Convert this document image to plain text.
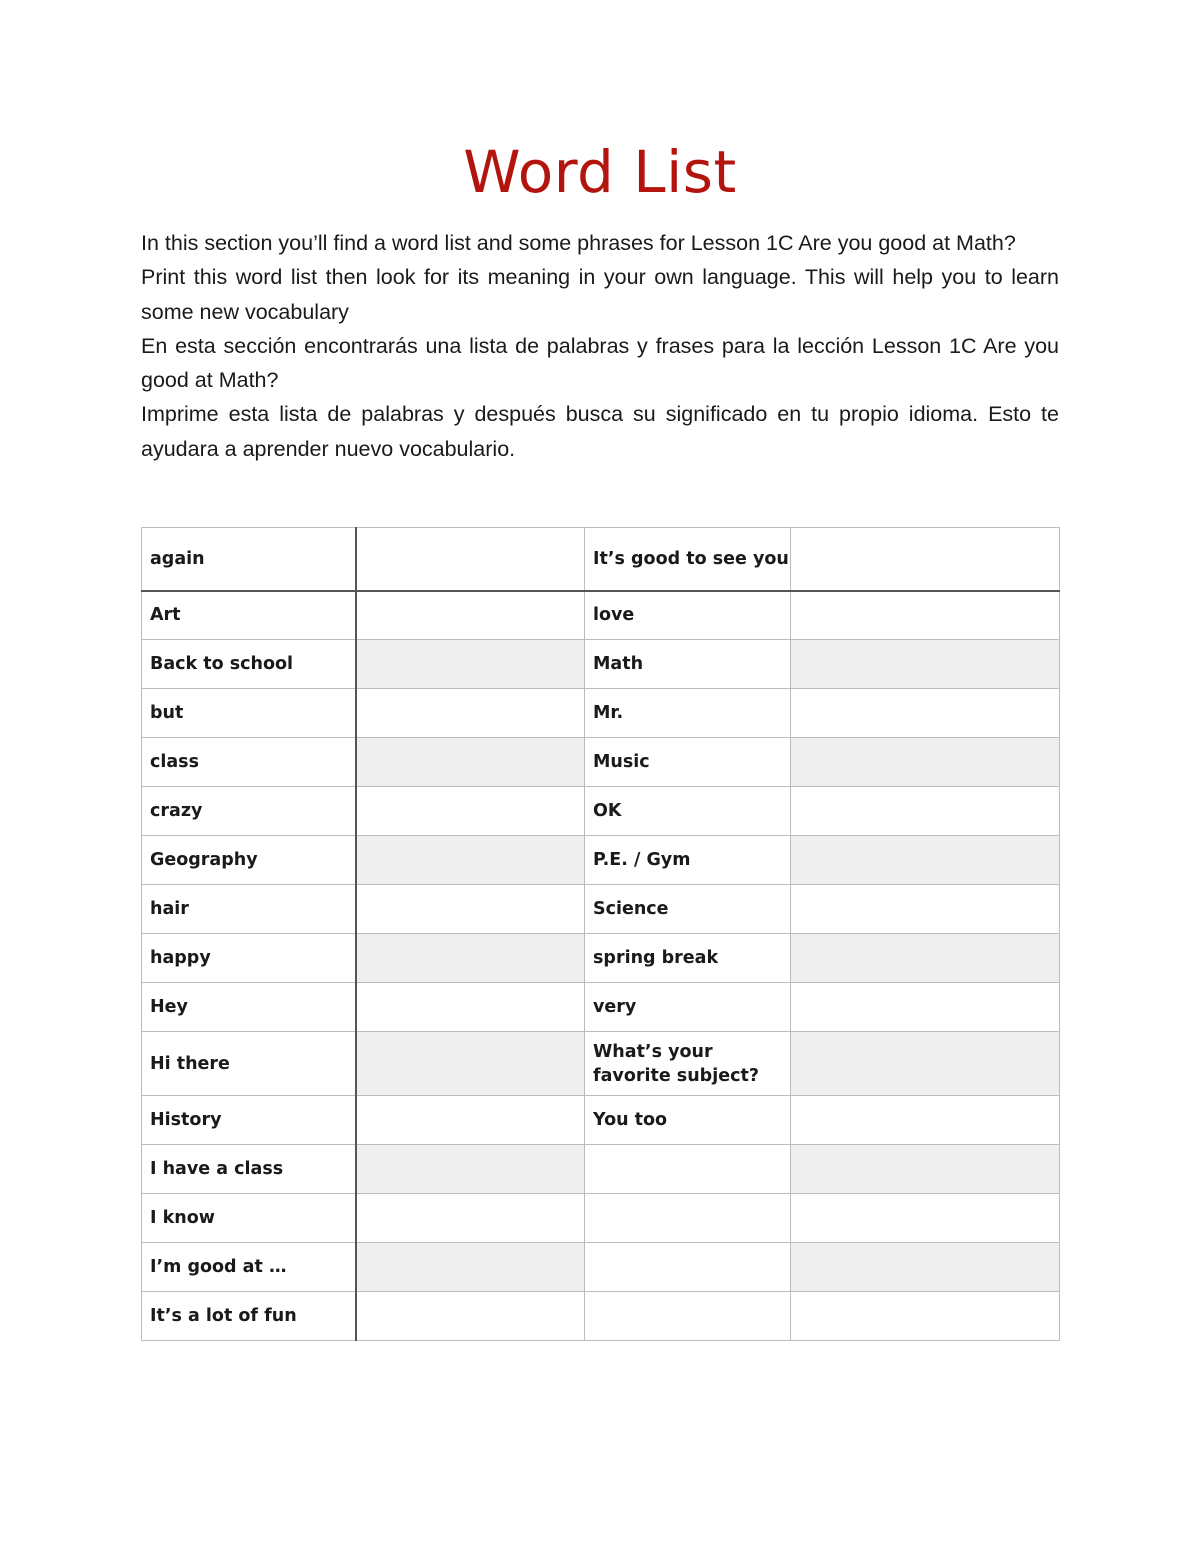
Word List

In this section you’ll find a word list and some phrases for Lesson 1C Are you good at Math?

Print this word list then look for its meaning in your own language. This will help you to learn some new vocabulary

En esta sección encontrarás una lista de palabras y frases para la lección Lesson 1C Are you good at Math?

Imprime esta lista de palabras y después busca su significado en tu propio idioma. Esto te ayudara a aprender nuevo vocabulario.

again		It’s good to see you	
Art		love	
Back to school		Math	
but		Mr.	
class		Music	
crazy		OK	
Geography		P.E. / Gym	
hair		Science	
happy		spring break	
Hey		very	
Hi there		What’s your favorite subject?	
History		You too	
I have a class			
I know			
I’m good at …			
It’s a lot of fun			
